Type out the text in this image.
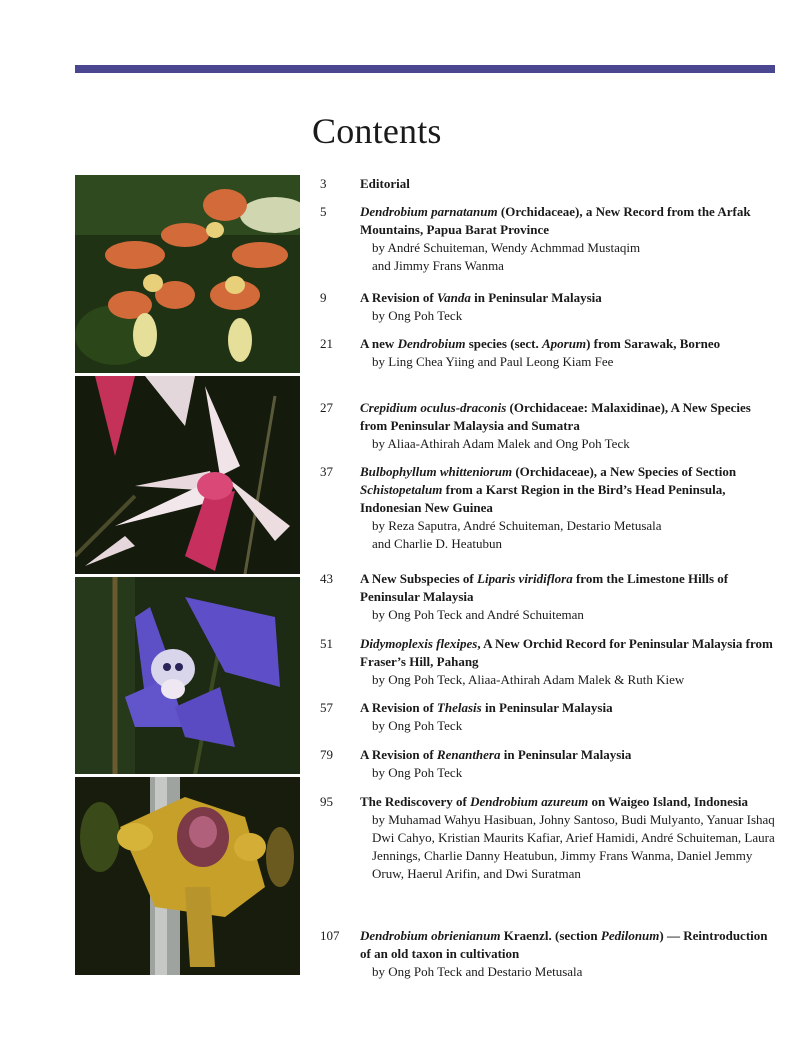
Contents
3	Editorial
5	Dendrobium parnatanum (Orchidaceae), a New Record from the Arfak Mountains, Papua Barat Province
by André Schuiteman, Wendy Achmmad Mustaqim
and Jimmy Frans Wanma
9	A Revision of Vanda in Peninsular Malaysia
by Ong Poh Teck
21	A new Dendrobium species (sect. Aporum) from Sarawak, Borneo
by Ling Chea Yiing and Paul Leong Kiam Fee
27	Crepidium oculus-draconis (Orchidaceae: Malaxidinae), A New Species from Peninsular Malaysia and Sumatra
by Aliaa-Athirah Adam Malek and Ong Poh Teck
37	Bulbophyllum whitteniorum (Orchidaceae), a New Species of Section Schistopetalum from a Karst Region in the Bird’s Head Peninsula, Indonesian New Guinea
by Reza Saputra, André Schuiteman, Destario Metusala
and Charlie D. Heatubun
43	A New Subspecies of Liparis viridiflora from the Limestone Hills of Peninsular Malaysia
by Ong Poh Teck and André Schuiteman
51	Didymoplexis flexipes, A New Orchid Record for Peninsular Malaysia from Fraser’s Hill, Pahang
by Ong Poh Teck, Aliaa-Athirah Adam Malek & Ruth Kiew
57	A Revision of Thelasis in Peninsular Malaysia
by Ong Poh Teck
79	A Revision of Renanthera in Peninsular Malaysia
by Ong Poh Teck
95	The Rediscovery of Dendrobium azureum on Waigeo Island, Indonesia
by Muhamad Wahyu Hasibuan, Johny Santoso, Budi Mulyanto, Yanuar Ishaq Dwi Cahyo, Kristian Maurits Kafiar, Arief Hamidi, André Schuiteman, Laura Jennings, Charlie Danny Heatubun, Jimmy Frans Wanma, Daniel Jemmy Oruw, Haerul Arifin, and Dwi Suratman
107	Dendrobium obrienianum Kraenzl. (section Pedilonum) — Reintroduction of an old taxon in cultivation
by Ong Poh Teck and Destario Metusala
